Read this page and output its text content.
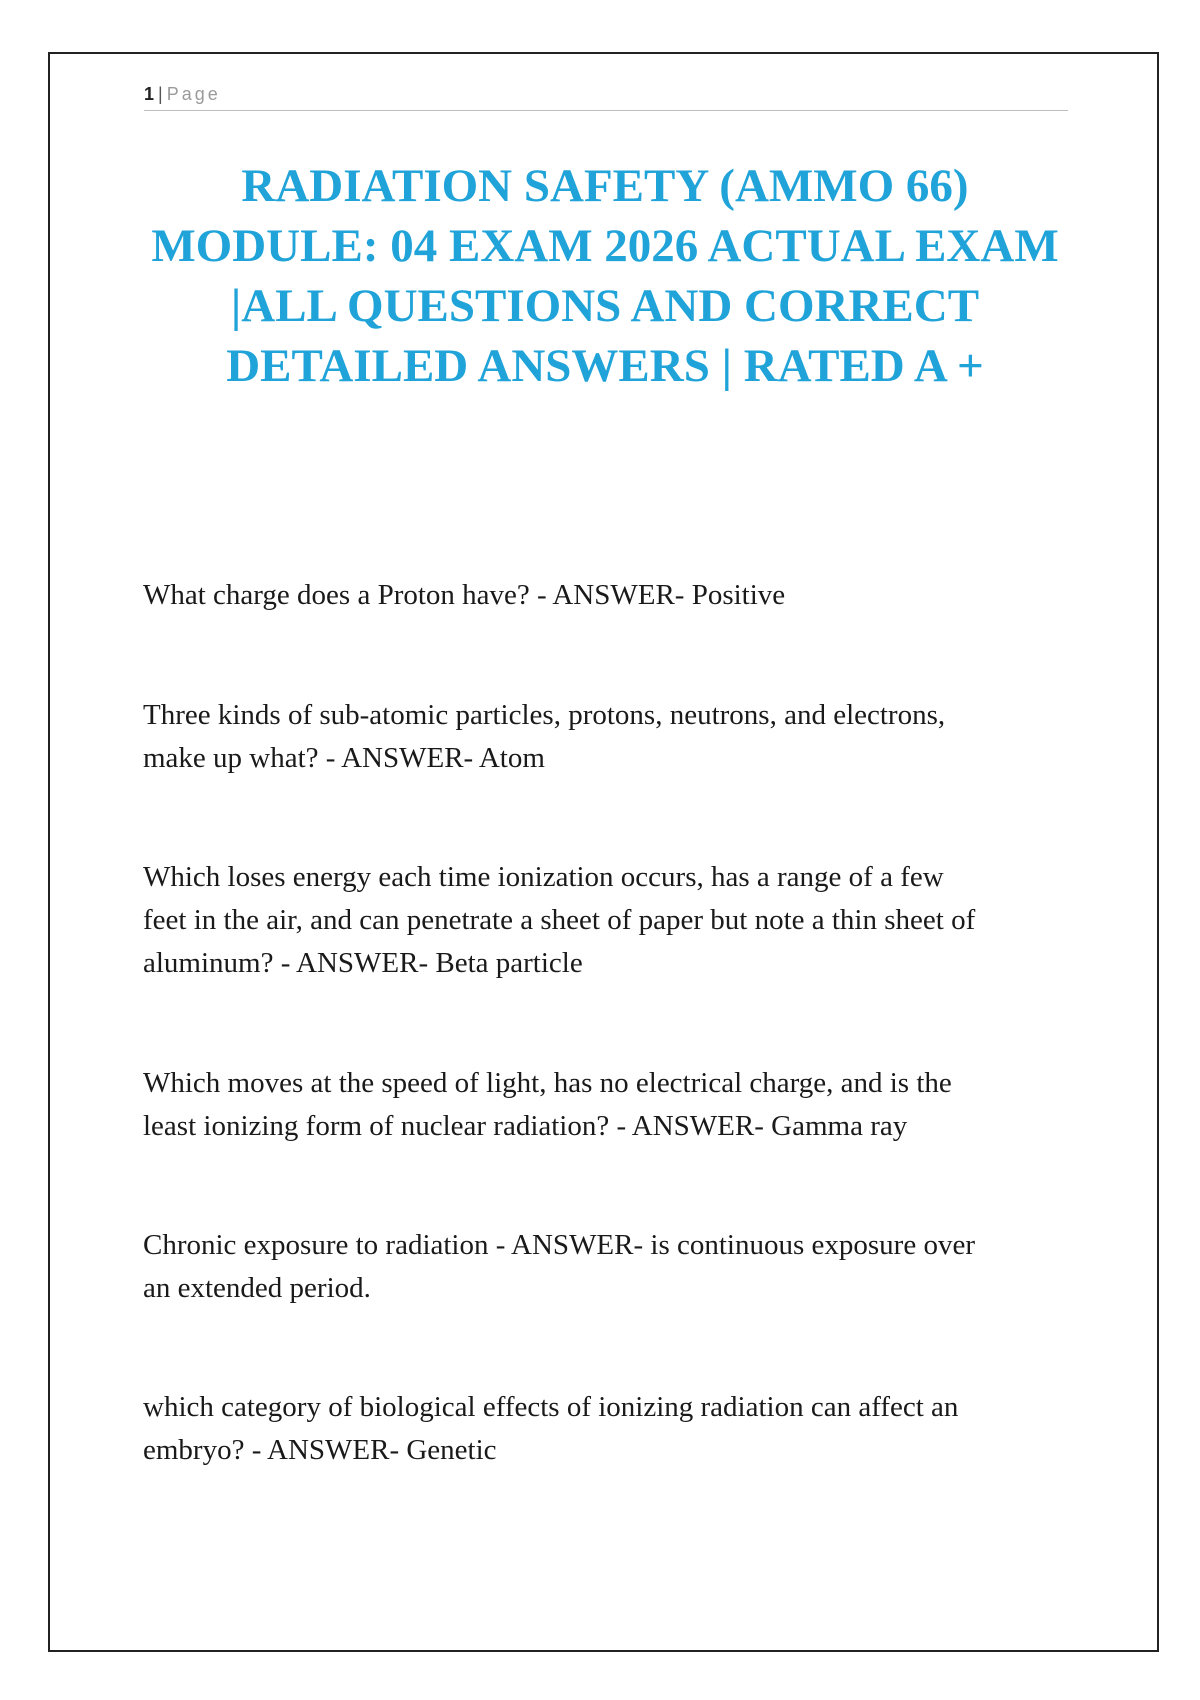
1 | Page
RADIATION SAFETY (AMMO 66)
MODULE: 04 EXAM 2026 ACTUAL EXAM
|ALL QUESTIONS AND CORRECT
DETAILED ANSWERS | RATED A +

What charge does a Proton have? - ANSWER- Positive

Three kinds of sub-atomic particles, protons, neutrons, and electrons,
make up what? - ANSWER- Atom

Which loses energy each time ionization occurs, has a range of a few
feet in the air, and can penetrate a sheet of paper but note a thin sheet of
aluminum? - ANSWER- Beta particle

Which moves at the speed of light, has no electrical charge, and is the
least ionizing form of nuclear radiation? - ANSWER- Gamma ray

Chronic exposure to radiation - ANSWER- is continuous exposure over
an extended period.

which category of biological effects of ionizing radiation can affect an
embryo? - ANSWER- Genetic
